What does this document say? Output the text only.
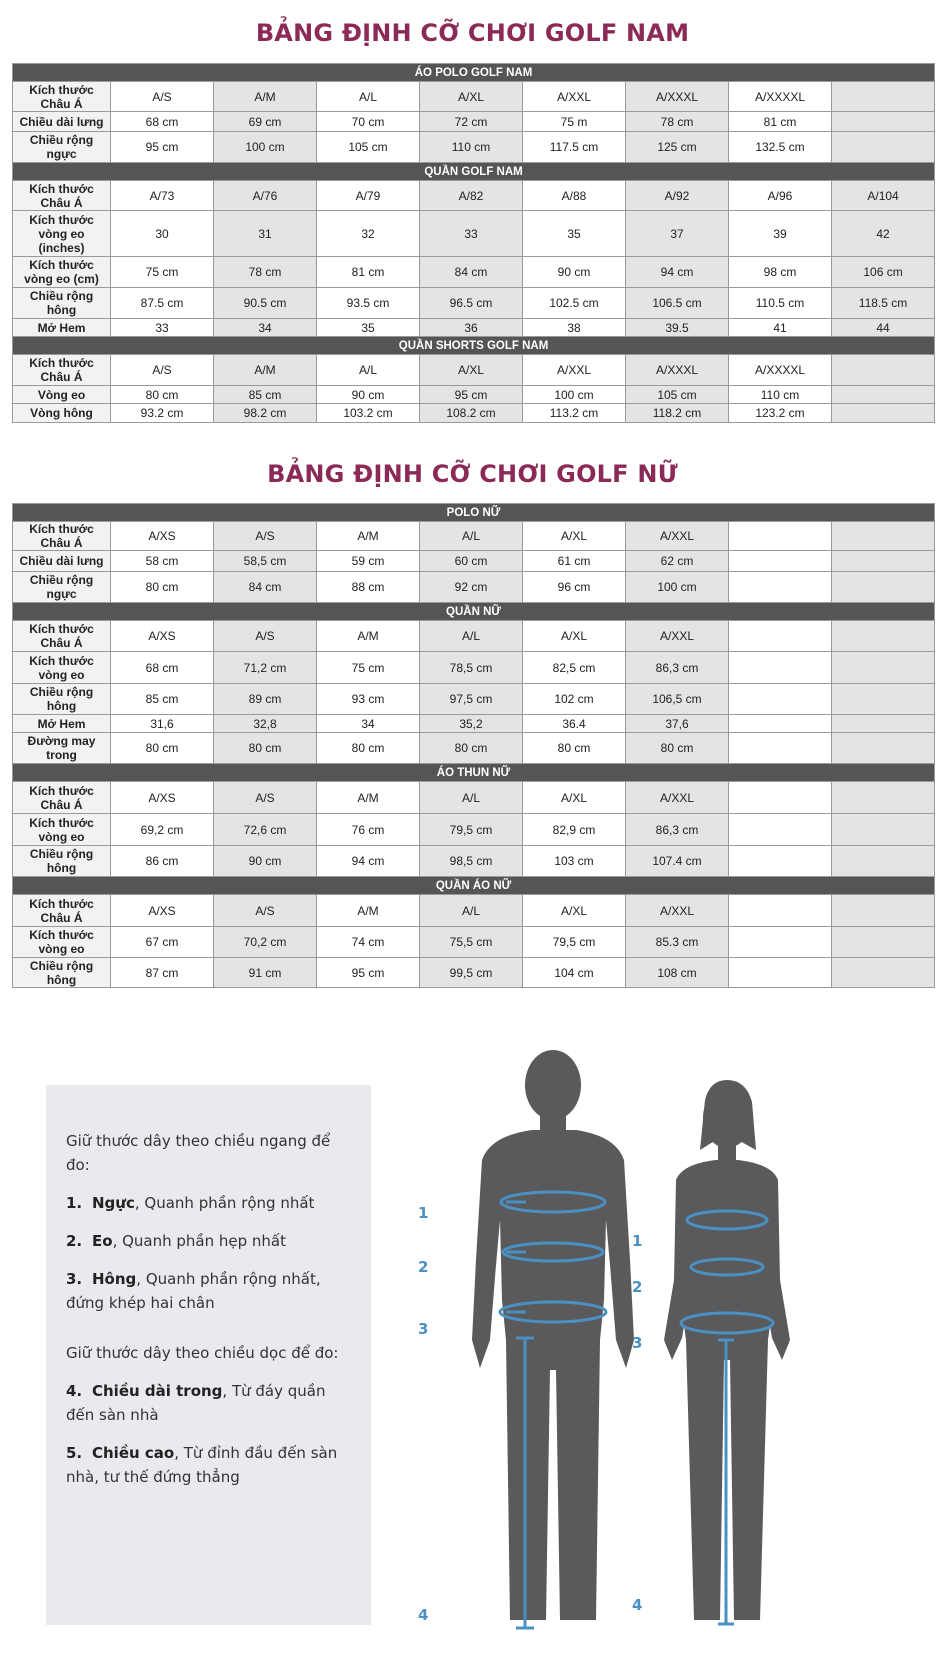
BẢNG ĐỊNH CỠ CHƠI GOLF NAM
ÁO POLO GOLF NAM								
Kích thước Châu Á	A/S	A/M	A/L	A/XL	A/XXL	A/XXXL	A/XXXXL	
Chiều dài lưng	68 cm	69 cm	70 cm	72 cm	75 m	78 cm	81 cm	
Chiều rộng ngực	95 cm	100 cm	105 cm	110 cm	117.5 cm	125 cm	132.5 cm	
QUẦN GOLF NAM								
Kích thước Châu Á	A/73	A/76	A/79	A/82	A/88	A/92	A/96	A/104
Kích thước vòng eo (inches)	30	31	32	33	35	37	39	42
Kích thước vòng eo (cm)	75 cm	78 cm	81 cm	84 cm	90 cm	94 cm	98 cm	106 cm
Chiều rộng hông	87.5 cm	90.5 cm	93.5 cm	96.5 cm	102.5 cm	106.5 cm	110.5 cm	118.5 cm
Mở Hem	33	34	35	36	38	39.5	41	44
QUẦN SHORTS GOLF NAM								
Kích thước Châu Á	A/S	A/M	A/L	A/XL	A/XXL	A/XXXL	A/XXXXL	
Vòng eo	80 cm	85 cm	90 cm	95 cm	100 cm	105 cm	110 cm	
Vòng hông	93.2 cm	98.2 cm	103.2 cm	108.2 cm	113.2 cm	118.2 cm	123.2 cm	
BẢNG ĐỊNH CỠ CHƠI GOLF NỮ
POLO NỮ								
Kích thước Châu Á	A/XS	A/S	A/M	A/L	A/XL	A/XXL		
Chiều dài lưng	58 cm	58,5 cm	59 cm	60 cm	61 cm	62 cm		
Chiều rộng ngực	80 cm	84 cm	88 cm	92 cm	96 cm	100 cm		
QUẦN NỮ								
Kích thước Châu Á	A/XS	A/S	A/M	A/L	A/XL	A/XXL		
Kích thước vòng eo	68 cm	71,2 cm	75 cm	78,5 cm	82,5 cm	86,3 cm		
Chiều rộng hông	85 cm	89 cm	93 cm	97,5 cm	102 cm	106,5 cm		
Mở Hem	31,6	32,8	34	35,2	36.4	37,6		
Đường may trong	80 cm	80 cm	80 cm	80 cm	80 cm	80 cm		
ÁO THUN NỮ								
Kích thước Châu Á	A/XS	A/S	A/M	A/L	A/XL	A/XXL		
Kích thước vòng eo	69,2 cm	72,6 cm	76 cm	79,5 cm	82,9 cm	86,3 cm		
Chiều rộng hông	86 cm	90 cm	94 cm	98,5 cm	103 cm	107.4 cm		
QUẦN ÁO NỮ								
Kích thước Châu Á	A/XS	A/S	A/M	A/L	A/XL	A/XXL		
Kích thước vòng eo	67 cm	70,2 cm	74 cm	75,5 cm	79,5 cm	85.3 cm		
Chiều rộng hông	87 cm	91 cm	95 cm	99,5 cm	104 cm	108 cm		

Giữ thước dây theo chiều ngang để đo:

1. Ngực, Quanh phần rộng nhất

2. Eo, Quanh phần hẹp nhất

3. Hông, Quanh phần rộng nhất, đứng khép hai chân

Giữ thước dây theo chiều dọc để đo:

4. Chiều dài trong, Từ đáy quần đến sàn nhà

5. Chiều cao, Từ đỉnh đầu đến sàn nhà, tư thế đứng thẳng

1
2
3
4
1
2
3
4
